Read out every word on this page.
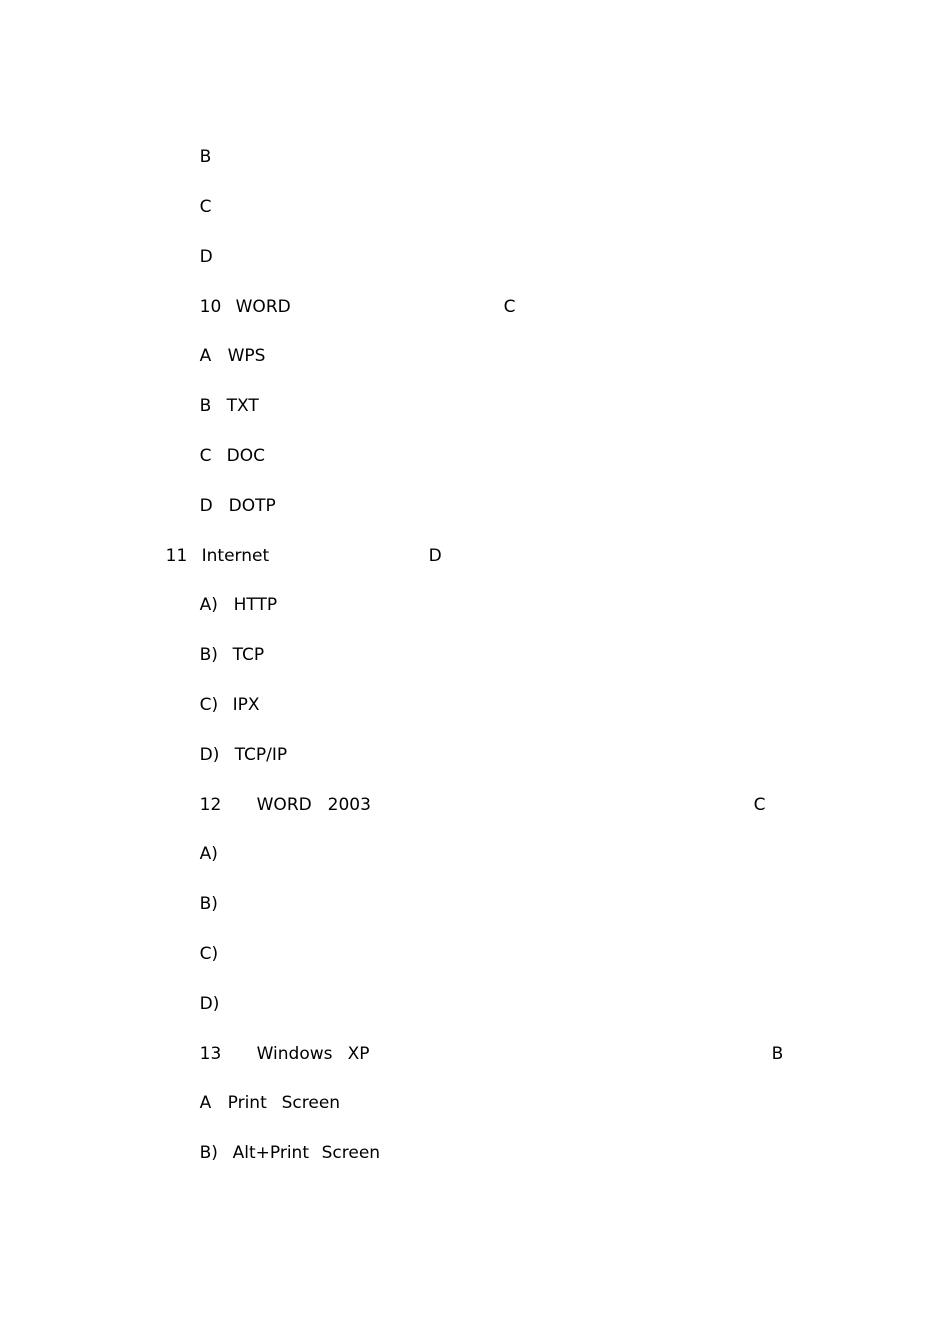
B

C

D

10
WORD
	C

A
WPS

B
TXT

C
DOC

D
DOTP

11
Internet
	D

A)
HTTP

B)
TCP

C)
IPX

D)
TCP/IP

12
	WORD
2003
	C

A)

B)

C)

D)

13
	Windows
XP
	B

A
Print
Screen

B)
Alt+Print
Screen
